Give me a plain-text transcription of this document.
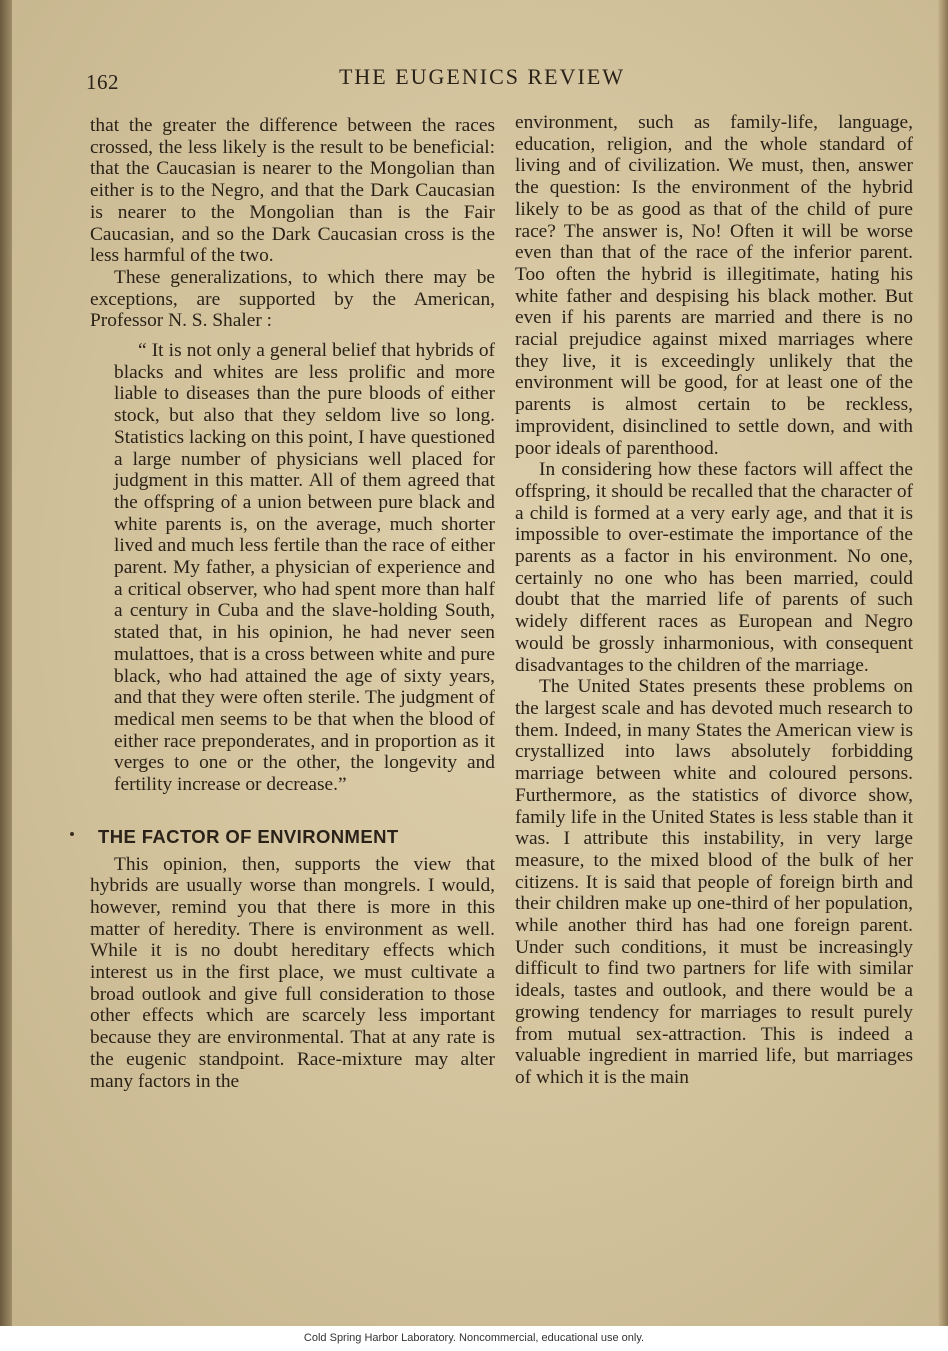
162	THE EUGENICS REVIEW

that the greater the difference between the races crossed, the less likely is the result to be beneficial: that the Caucasian is nearer to the Mongolian than either is to the Negro, and that the Dark Caucasian is nearer to the Mongolian than is the Fair Caucasian, and so the Dark Caucasian cross is the less harmful of the two.

These generalizations, to which there may be exceptions, are supported by the American, Professor N. S. Shaler :

“ It is not only a general belief that hybrids of blacks and whites are less prolific and more liable to diseases than the pure bloods of either stock, but also that they seldom live so long. Statistics lacking on this point, I have questioned a large number of physicians well placed for judgment in this matter. All of them agreed that the offspring of a union between pure black and white parents is, on the average, much shorter lived and much less fertile than the race of either parent. My father, a physician of experience and a critical observer, who had spent more than half a century in Cuba and the slave-holding South, stated that, in his opinion, he had never seen mulattoes, that is a cross between white and pure black, who had attained the age of sixty years, and that they were often sterile. The judgment of medical men seems to be that when the blood of either race preponderates, and in proportion as it verges to one or the other, the longevity and fertility increase or decrease.”

THE FACTOR OF ENVIRONMENT

This opinion, then, supports the view that hybrids are usually worse than mongrels. I would, however, remind you that there is more in this matter of heredity. There is environment as well. While it is no doubt hereditary effects which interest us in the first place, we must cultivate a broad outlook and give full consideration to those other effects which are scarcely less important because they are environmental. That at any rate is the eugenic standpoint. Race-mixture may alter many factors in the

environment, such as family-life, language, education, religion, and the whole standard of living and of civilization. We must, then, answer the question: Is the environment of the hybrid likely to be as good as that of the child of pure race? The answer is, No! Often it will be worse even than that of the race of the inferior parent. Too often the hybrid is illegitimate, hating his white father and despising his black mother. But even if his parents are married and there is no racial prejudice against mixed marriages where they live, it is exceedingly unlikely that the environment will be good, for at least one of the parents is almost certain to be reckless, improvident, disinclined to settle down, and with poor ideals of parenthood.

In considering how these factors will affect the offspring, it should be recalled that the character of a child is formed at a very early age, and that it is impossible to over-estimate the importance of the parents as a factor in his environment. No one, certainly no one who has been married, could doubt that the married life of parents of such widely different races as European and Negro would be grossly inharmonious, with consequent disadvantages to the children of the marriage.

The United States presents these problems on the largest scale and has devoted much research to them. Indeed, in many States the American view is crystallized into laws absolutely forbidding marriage between white and coloured persons. Furthermore, as the statistics of divorce show, family life in the United States is less stable than it was. I attribute this instability, in very large measure, to the mixed blood of the bulk of her citizens. It is said that people of foreign birth and their children make up one-third of her population, while another third has had one foreign parent. Under such conditions, it must be increasingly difficult to find two partners for life with similar ideals, tastes and outlook, and there would be a growing tendency for marriages to result purely from mutual sex-attraction. This is indeed a valuable ingredient in married life, but marriages of which it is the main

Cold Spring Harbor Laboratory. Noncommercial, educational use only.
